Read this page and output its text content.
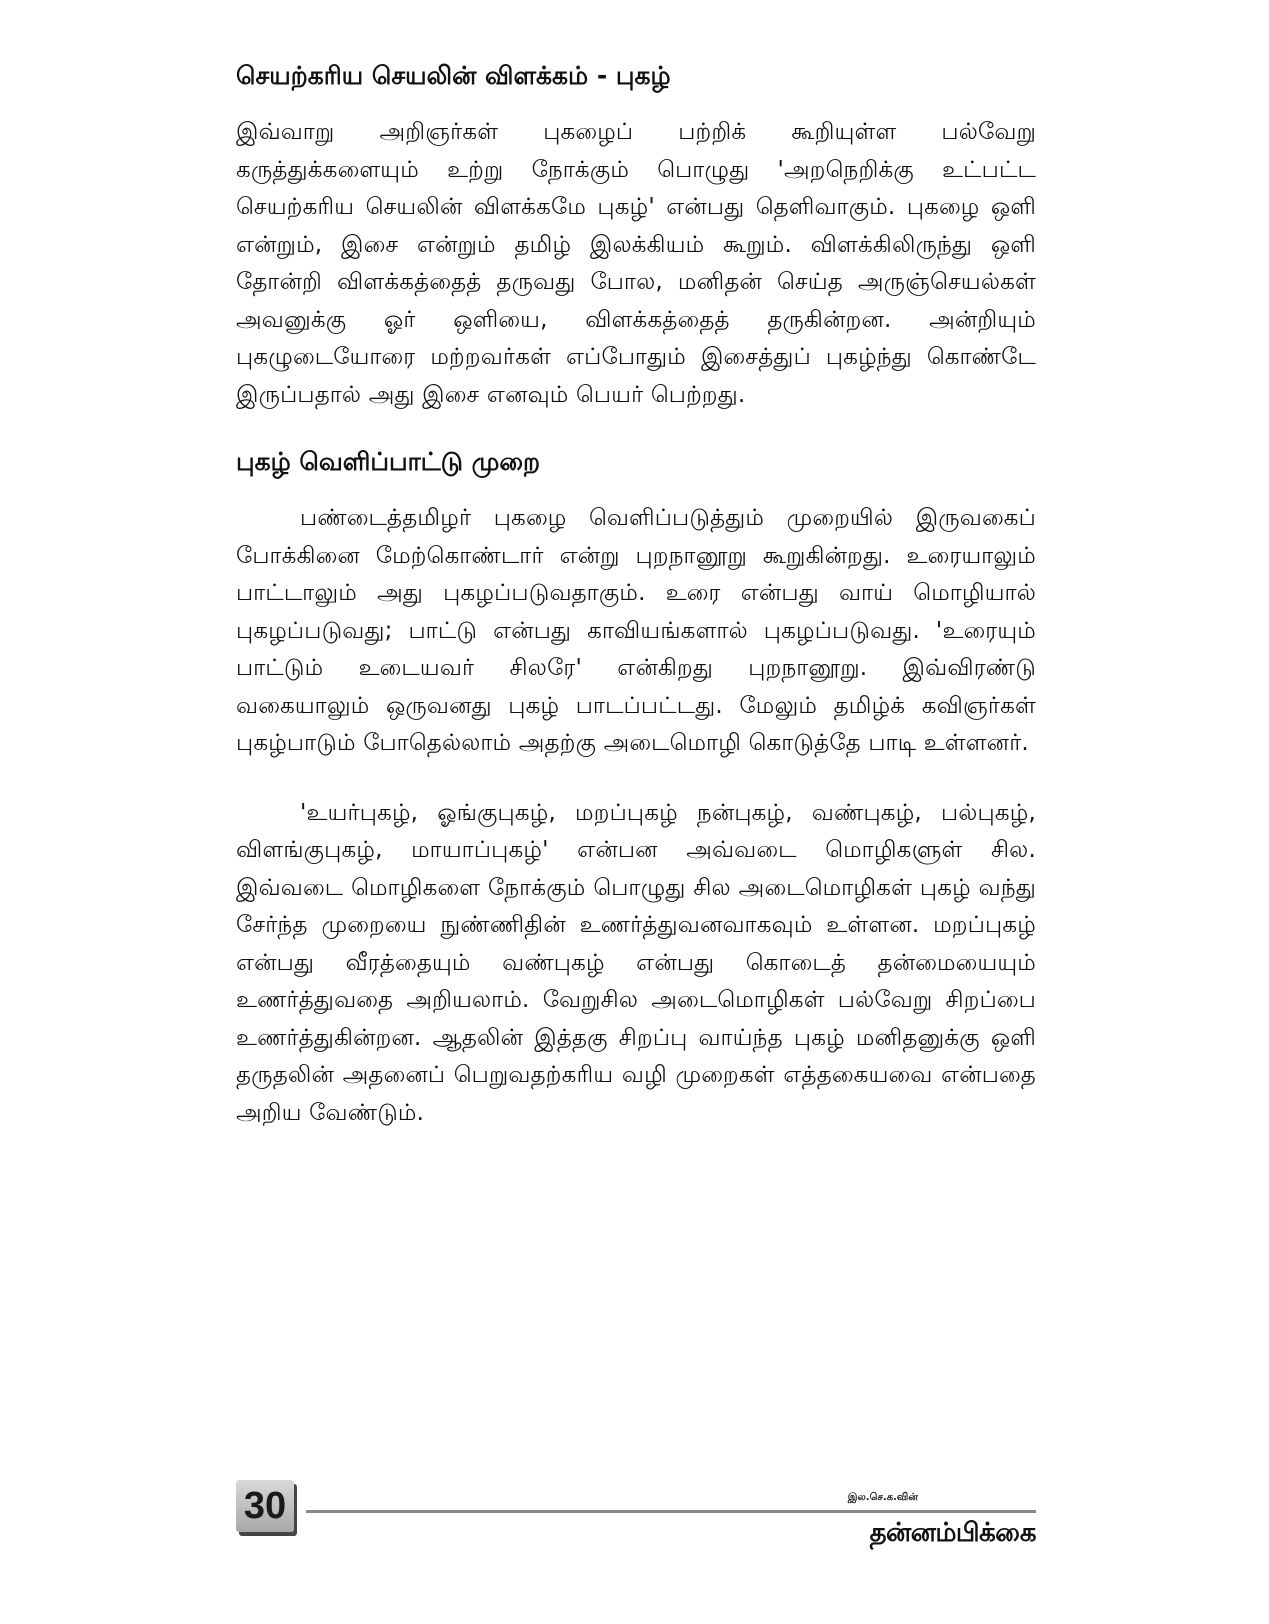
செயற்கரிய செயலின் விளக்கம் - புகழ்

இவ்வாறு அறிஞர்கள் புகழைப் பற்றிக் கூறியுள்ள பல்வேறு கருத்துக்களையும் உற்று நோக்கும் பொழுது 'அறநெறிக்கு உட்பட்ட செயற்கரிய செயலின் விளக்கமே புகழ்' என்பது தெளிவாகும். புகழை ஒளி என்றும், இசை என்றும் தமிழ் இலக்கியம் கூறும். விளக்கிலிருந்து ஒளி தோன்றி விளக்கத்தைத் தருவது போல, மனிதன் செய்த அருஞ்செயல்கள் அவனுக்கு ஓர் ஒளியை, விளக்கத்தைத் தருகின்றன. அன்றியும் புகழுடையோரை மற்றவர்கள் எப்போதும் இசைத்துப் புகழ்ந்து கொண்டே இருப்பதால் அது இசை எனவும் பெயர் பெற்றது.

புகழ் வெளிப்பாட்டு முறை

பண்டைத்தமிழர் புகழை வெளிப்படுத்தும் முறையில் இருவகைப் போக்கினை மேற்கொண்டார் என்று புறநானூறு கூறுகின்றது. உரையாலும் பாட்டாலும் அது புகழப்படுவதாகும். உரை என்பது வாய் மொழியால் புகழப்படுவது; பாட்டு என்பது காவியங்களால் புகழப்படுவது. 'உரையும் பாட்டும் உடையவர் சிலரே' என்கிறது புறநானூறு. இவ்விரண்டு வகையாலும் ஒருவனது புகழ் பாடப்பட்டது. மேலும் தமிழ்க் கவிஞர்கள் புகழ்பாடும் போதெல்லாம் அதற்கு அடைமொழி கொடுத்தே பாடி உள்ளனர்.

'உயர்புகழ், ஓங்குபுகழ், மறப்புகழ் நன்புகழ், வண்புகழ், பல்புகழ், விளங்குபுகழ், மாயாப்புகழ்' என்பன அவ்வடை மொழிகளுள் சில. இவ்வடை மொழிகளை நோக்கும் பொழுது சில அடைமொழிகள் புகழ் வந்து சேர்ந்த முறையை நுண்ணிதின் உணர்த்துவனவாகவும் உள்ளன. மறப்புகழ் என்பது வீரத்தையும் வண்புகழ் என்பது கொடைத் தன்மையையும் உணர்த்துவதை அறியலாம். வேறுசில அடைமொழிகள் பல்வேறு சிறப்பை உணர்த்துகின்றன. ஆதலின் இத்தகு சிறப்பு வாய்ந்த புகழ் மனிதனுக்கு ஒளி தருதலின் அதனைப் பெறுவதற்கரிய வழி முறைகள் எத்தகையவை என்பதை அறிய வேண்டும்.

30	இல.செ.க.வின்
தன்னம்பிக்கை
